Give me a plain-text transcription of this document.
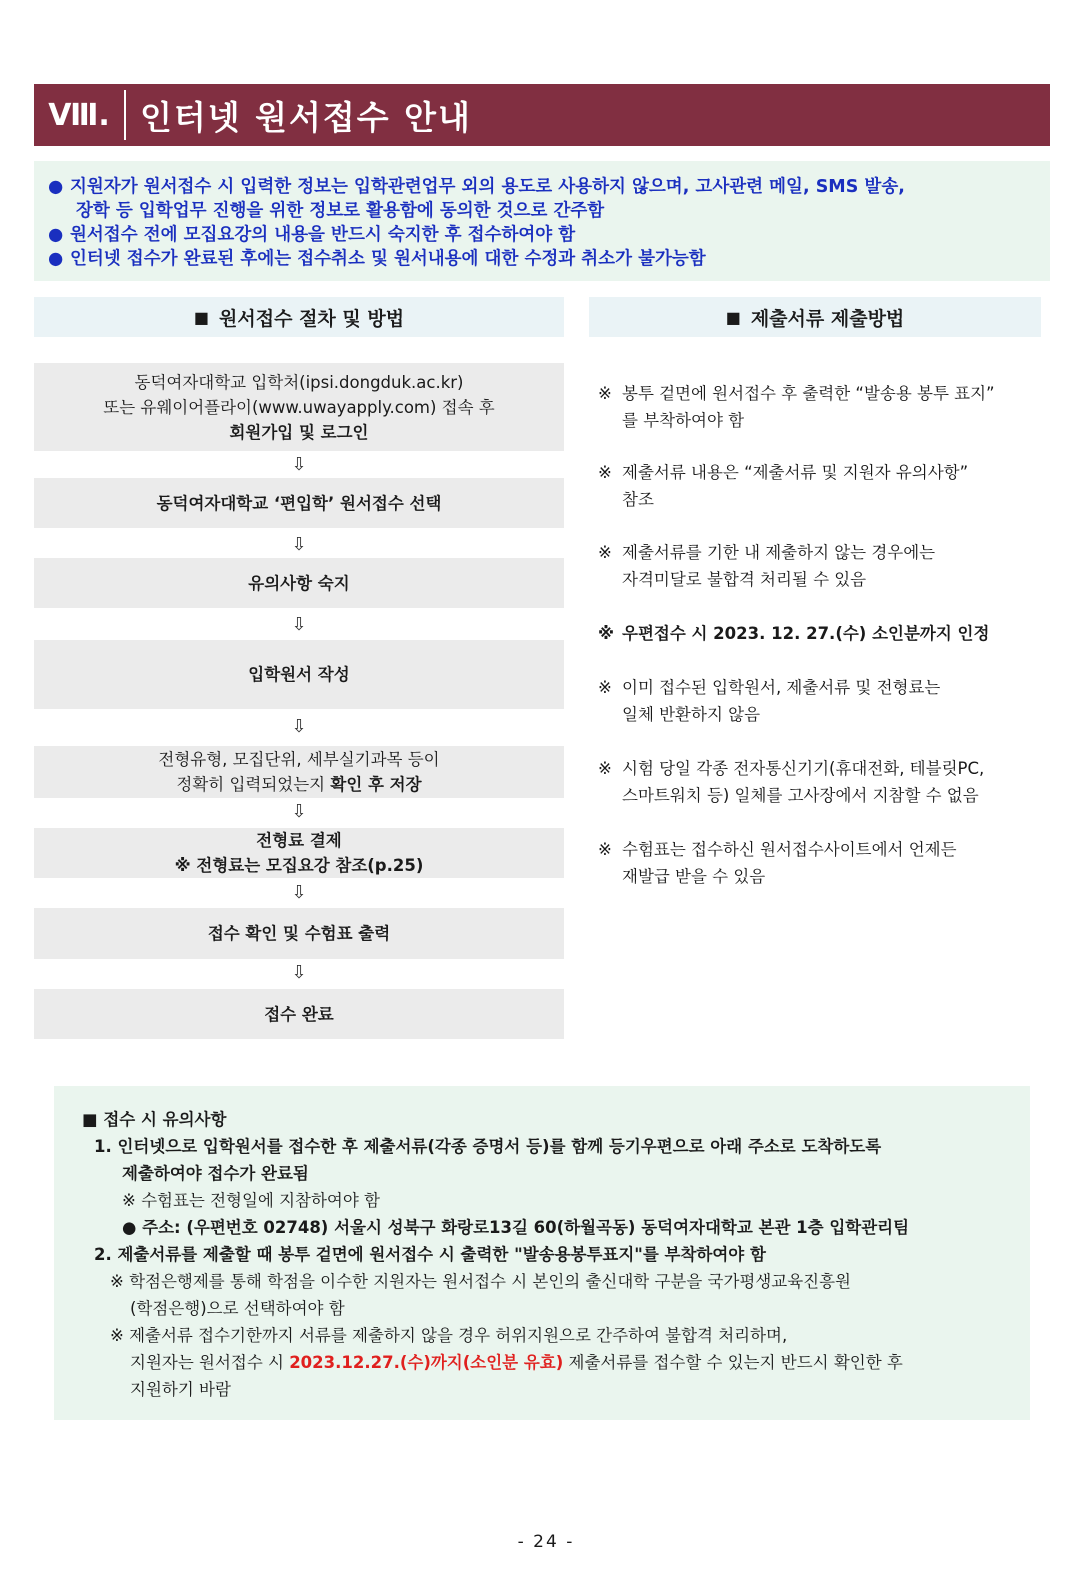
Ⅷ. 인터넷 원서접수 안내
● 지원자가 원서접수 시 입력한 정보는 입학관련업무 외의 용도로 사용하지 않으며, 고사관련 메일, SMS 발송,
장학 등 입학업무 진행을 위한 정보로 활용함에 동의한 것으로 간주함
● 원서접수 전에 모집요강의 내용을 반드시 숙지한 후 접수하여야 함
● 인터넷 접수가 완료된 후에는 접수취소 및 원서내용에 대한 수정과 취소가 불가능함
■ 원서접수 절차 및 방법	■ 제출서류 제출방법
동덕여자대학교 입학처(ipsi.dongduk.ac.kr)
또는 유웨이어플라이(www.uwayapply.com) 접속 후
회원가입 및 로그인
⇩
동덕여자대학교 ‘편입학’ 원서접수 선택
⇩
유의사항 숙지
⇩
입학원서 작성
⇩
전형유형, 모집단위, 세부실기과목 등이
정확히 입력되었는지 확인 후 저장
⇩
전형료 결제
※ 전형료는 모집요강 참조(p.25)
⇩
접수 확인 및 수험표 출력
⇩
접수 완료
※ 봉투 겉면에 원서접수 후 출력한 “발송용 봉투 표지”
를 부착하여야 함
※ 제출서류 내용은 “제출서류 및 지원자 유의사항”
참조
※ 제출서류를 기한 내 제출하지 않는 경우에는
자격미달로 불합격 처리될 수 있음
※ 우편접수 시 2023. 12. 27.(수) 소인분까지 인정
※ 이미 접수된 입학원서, 제출서류 및 전형료는
일체 반환하지 않음
※ 시험 당일 각종 전자통신기기(휴대전화, 테블릿PC,
스마트워치 등) 일체를 고사장에서 지참할 수 없음
※ 수험표는 접수하신 원서접수사이트에서 언제든
재발급 받을 수 있음
■ 접수 시 유의사항
1. 인터넷으로 입학원서를 접수한 후 제출서류(각종 증명서 등)를 함께 등기우편으로 아래 주소로 도착하도록
제출하여야 접수가 완료됨
※ 수험표는 전형일에 지참하여야 함
● 주소: (우편번호 02748) 서울시 성북구 화랑로13길 60(하월곡동) 동덕여자대학교 본관 1층 입학관리팀
2. 제출서류를 제출할 때 봉투 겉면에 원서접수 시 출력한 "발송용봉투표지"를 부착하여야 함
※ 학점은행제를 통해 학점을 이수한 지원자는 원서접수 시 본인의 출신대학 구분을 국가평생교육진흥원
(학점은행)으로 선택하여야 함
※ 제출서류 접수기한까지 서류를 제출하지 않을 경우 허위지원으로 간주하여 불합격 처리하며,
지원자는 원서접수 시 2023.12.27.(수)까지(소인분 유효) 제출서류를 접수할 수 있는지 반드시 확인한 후
지원하기 바람
- 24 -
